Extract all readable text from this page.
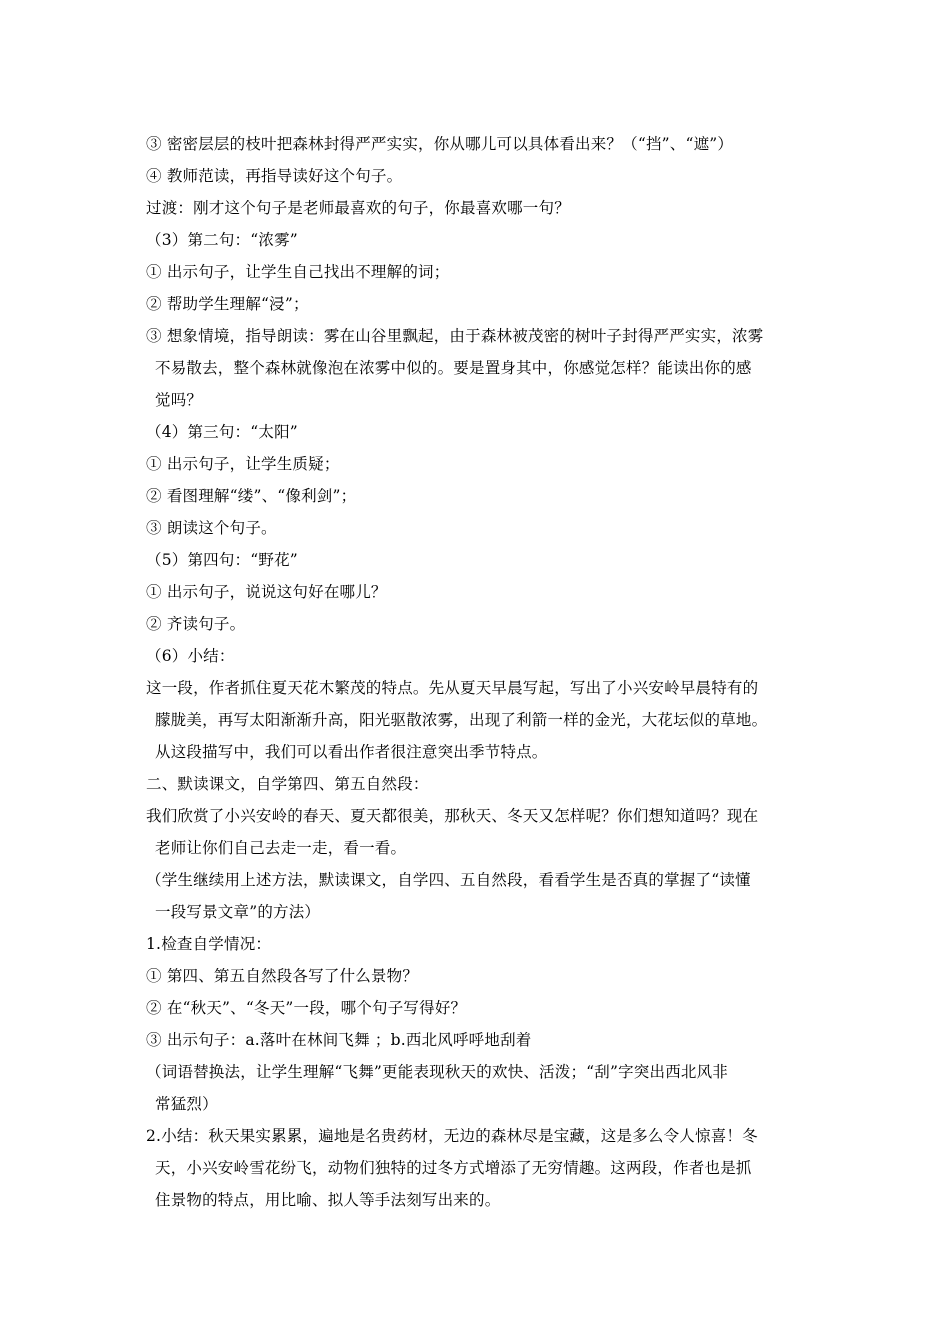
③ 密密层层的枝叶把森林封得严严实实，你从哪儿可以具体看出来？（“挡”、“遮”）
④ 教师范读，再指导读好这个句子。
过渡：刚才这个句子是老师最喜欢的句子，你最喜欢哪一句？
（3）第二句：“浓雾”
① 出示句子，让学生自己找出不理解的词；
② 帮助学生理解“浸”；
③ 想象情境，指导朗读：雾在山谷里飘起，由于森林被茂密的树叶子封得严严实实，浓雾
不易散去，整个森林就像泡在浓雾中似的。要是置身其中，你感觉怎样？能读出你的感
觉吗？
（4）第三句：“太阳”
① 出示句子，让学生质疑；
② 看图理解“缕”、“像利剑”；
③ 朗读这个句子。
（5）第四句：“野花”
① 出示句子，说说这句好在哪儿？
② 齐读句子。
（6）小结：
这一段，作者抓住夏天花木繁茂的特点。先从夏天早晨写起，写出了小兴安岭早晨特有的
朦胧美，再写太阳渐渐升高，阳光驱散浓雾，出现了利箭一样的金光，大花坛似的草地。
从这段描写中，我们可以看出作者很注意突出季节特点。
二、默读课文，自学第四、第五自然段：
我们欣赏了小兴安岭的春天、夏天都很美，那秋天、冬天又怎样呢？你们想知道吗？现在
老师让你们自己去走一走，看一看。
（学生继续用上述方法，默读课文，自学四、五自然段，看看学生是否真的掌握了“读懂
一段写景文章”的方法）
1.检查自学情况：
① 第四、第五自然段各写了什么景物？
② 在“秋天”、“冬天”一段，哪个句子写得好？
③ 出示句子：a.落叶在林间飞舞 ；b.西北风呼呼地刮着
（词语替换法，让学生理解“飞舞”更能表现秋天的欢快、活泼；“刮”字突出西北风非
常猛烈）
2.小结：秋天果实累累，遍地是名贵药材，无边的森林尽是宝藏，这是多么令人惊喜！冬
天，小兴安岭雪花纷飞，动物们独特的过冬方式增添了无穷情趣。这两段，作者也是抓
住景物的特点，用比喻、拟人等手法刻写出来的。
